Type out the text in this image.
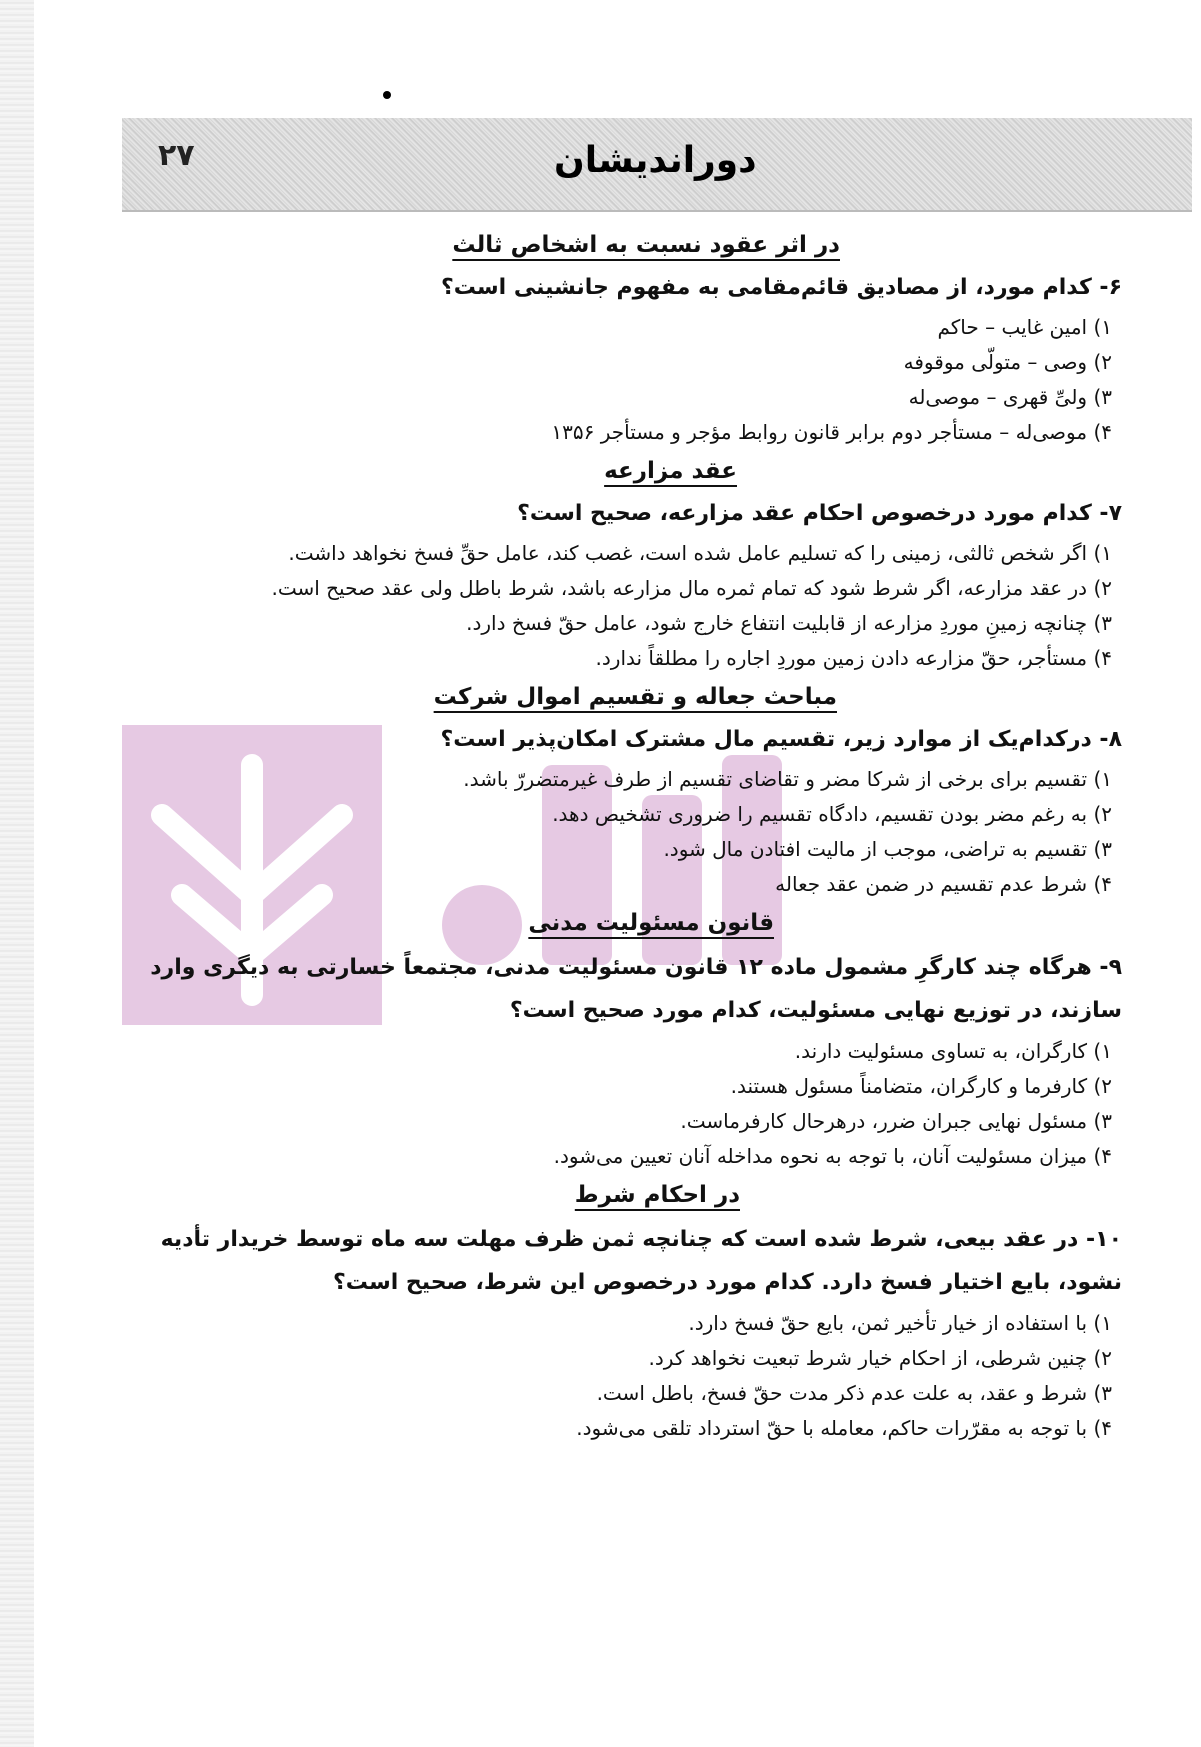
۲۷	دوراندیشان
در اثر عقود نسبت به اشخاص ثالث
۶- کدام مورد، از مصادیق قائم‌مقامی به مفهوم جانشینی است؟
۱) امین غایب – حاکم
۲) وصی – متولّی موقوفه
۳) ولیِّ قهری – موصی‌له
۴) موصی‌له – مستأجر دوم برابر قانون روابط مؤجر و مستأجر ۱۳۵۶
عقد مزارعه
۷- کدام مورد درخصوص احکام عقد مزارعه، صحیح است؟
۱) اگر شخص ثالثی، زمینی را که تسلیم عامل شده است، غصب کند، عامل حقِّ فسخ نخواهد داشت.
۲) در عقد مزارعه، اگر شرط شود که تمام ثمره مال مزارعه باشد، شرط باطل ولی عقد صحیح است.
۳) چنانچه زمینِ موردِ مزارعه از قابلیت انتفاع خارج شود، عامل حقّ فسخ دارد.
۴) مستأجر، حقّ مزارعه دادن زمین موردِ اجاره را مطلقاً ندارد.
مباحث جعاله و تقسیم اموال شرکت
۸- درکدام‌یک از موارد زیر، تقسیم مال مشترک امکان‌پذیر است؟
۱) تقسیم برای برخی از شرکا مضر و تقاضای تقسیم از طرف غیرمتضررّ باشد.
۲) به رغم مضر بودن تقسیم، دادگاه تقسیم را ضروری تشخیص دهد.
۳) تقسیم به تراضی، موجب از مالیت افتادن مال شود.
۴) شرط عدم تقسیم در ضمن عقد جعاله
قانون مسئولیت مدنی
۹- هرگاه چند کارگرِ مشمول ماده ۱۲ قانون مسئولیت مدنی، مجتمعاً خسارتی به دیگری وارد سازند، در توزیع نهایی مسئولیت، کدام مورد صحیح است؟
۱) کارگران، به تساوی مسئولیت دارند.
۲) کارفرما و کارگران، متضامناً مسئول هستند.
۳) مسئول نهایی جبران ضرر، درهرحال کارفرماست.
۴) میزان مسئولیت آنان، با توجه به نحوه مداخله آنان تعیین می‌شود.
در احکام شرط
۱۰- در عقد بیعی، شرط شده است که چنانچه ثمن ظرف مهلت سه ماه توسط خریدار تأدیه نشود، بایع اختیار فسخ دارد. کدام مورد درخصوص این شرط، صحیح است؟
۱) با استفاده از خیار تأخیر ثمن، بایع حقّ فسخ دارد.
۲) چنین شرطی، از احکام خیار شرط تبعیت نخواهد کرد.
۳) شرط و عقد، به علت عدم ذکر مدت حقّ فسخ، باطل است.
۴) با توجه به مقرّرات حاکم، معامله با حقّ استرداد تلقی می‌شود.
